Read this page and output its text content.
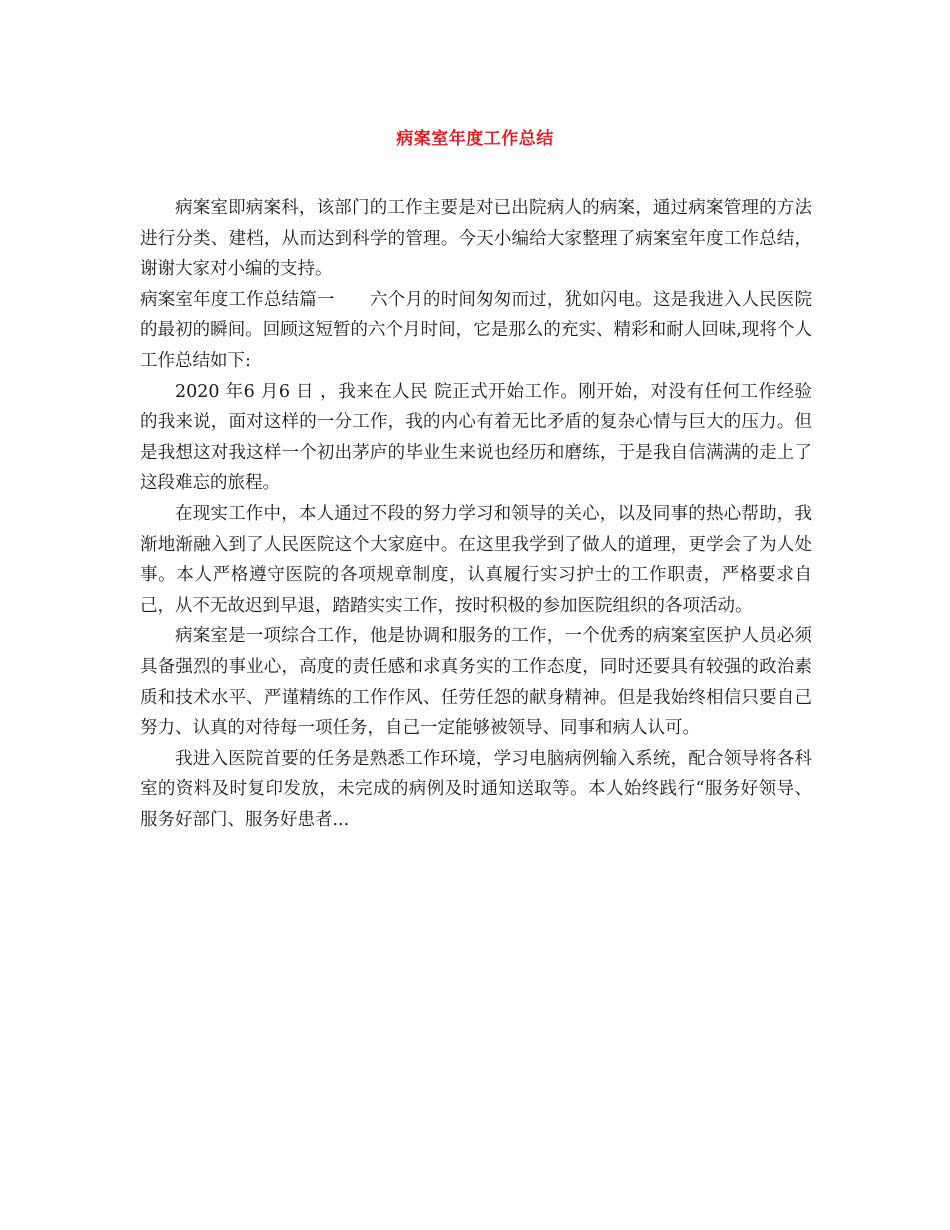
病案室年度工作总结

病案室即病案科，该部门的工作主要是对已出院病人的病案，通过病案管理的方法进行分类、建档，从而达到科学的管理。今天小编给大家整理了病案室年度工作总结，谢谢大家对小编的支持。

病案室年度工作总结篇一　　六个月的时间匆匆而过，犹如闪电。这是我进入人民医院的最初的瞬间。回顾这短暂的六个月时间，它是那么的充实、精彩和耐人回味,现将个人工作总结如下:

2020 年6 月6 日 ，我来在人民 院正式开始工作。刚开始，对没有任何工作经验的我来说，面对这样的一分工作，我的内心有着无比矛盾的复杂心情与巨大的压力。但是我想这对我这样一个初出茅庐的毕业生来说也经历和磨练，于是我自信满满的走上了这段难忘的旅程。

在现实工作中，本人通过不段的努力学习和领导的关心，以及同事的热心帮助，我渐地渐融入到了人民医院这个大家庭中。在这里我学到了做人的道理，更学会了为人处事。本人严格遵守医院的各项规章制度，认真履行实习护士的工作职责，严格要求自己，从不无故迟到早退，踏踏实实工作，按时积极的参加医院组织的各项活动。

病案室是一项综合工作，他是协调和服务的工作，一个优秀的病案室医护人员必须具备强烈的事业心，高度的责任感和求真务实的工作态度，同时还要具有较强的政治素质和技术水平、严谨精练的工作作风、任劳任怨的献身精神。但是我始终相信只要自己努力、认真的对待每一项任务，自己一定能够被领导、同事和病人认可。

我进入医院首要的任务是熟悉工作环境，学习电脑病例输入系统，配合领导将各科室的资料及时复印发放，未完成的病例及时通知送取等。本人始终践行“服务好领导、服务好部门、服务好患者...
